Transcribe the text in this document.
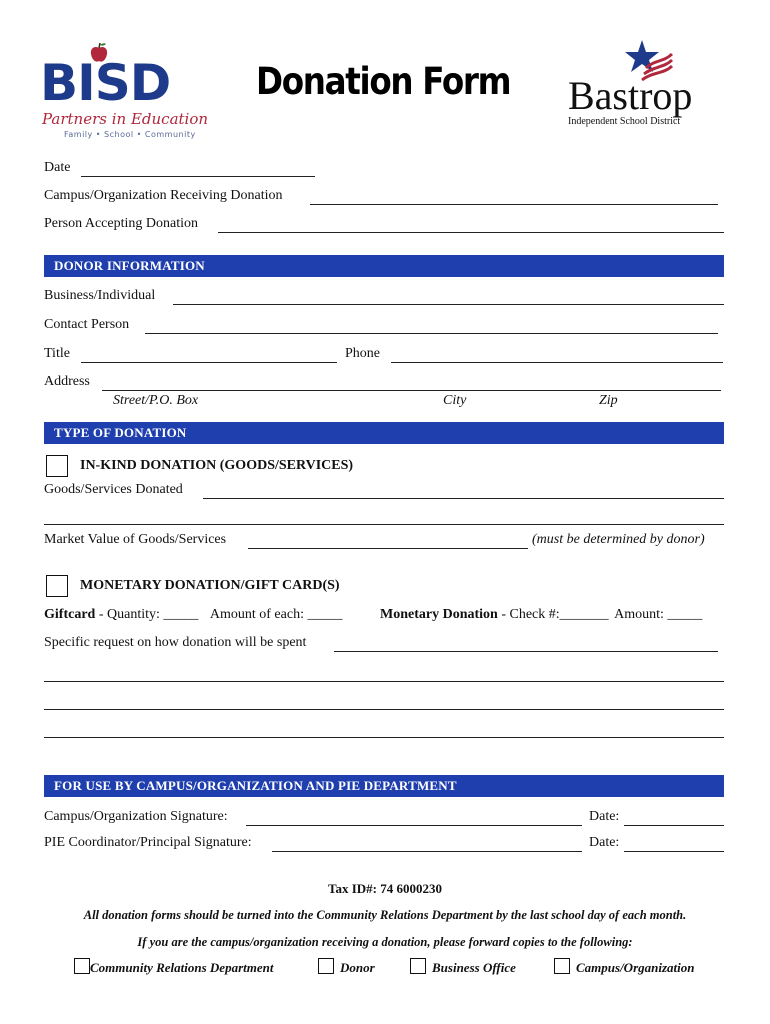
BISD
Partners in Education
Family • School • Community
Donation Form Bastrop
Independent School District
Date
Campus/Organization Receiving Donation
Person Accepting Donation
DONOR INFORMATION
Business/Individual
Contact Person
Title	Phone
Address
Street/P.O. Box	City	Zip
TYPE OF DONATION
IN-KIND DONATION (GOODS/SERVICES)
Goods/Services Donated
Market Value of Goods/Services	(must be determined by donor)
MONETARY DONATION/GIFT CARD(S)
Giftcard - Quantity: _____ Amount of each: _____	Monetary Donation - Check #:_______ Amount: _____
Specific request on how donation will be spent
FOR USE BY CAMPUS/ORGANIZATION AND PIE DEPARTMENT
Campus/Organization Signature:	Date:
PIE Coordinator/Principal Signature:	Date:
Tax ID#: 74 6000230
All donation forms should be turned into the Community Relations Department by the last school day of each month.
If you are the campus/organization receiving a donation, please forward copies to the following:
Community Relations Department	Donor	Business Office	Campus/Organization
